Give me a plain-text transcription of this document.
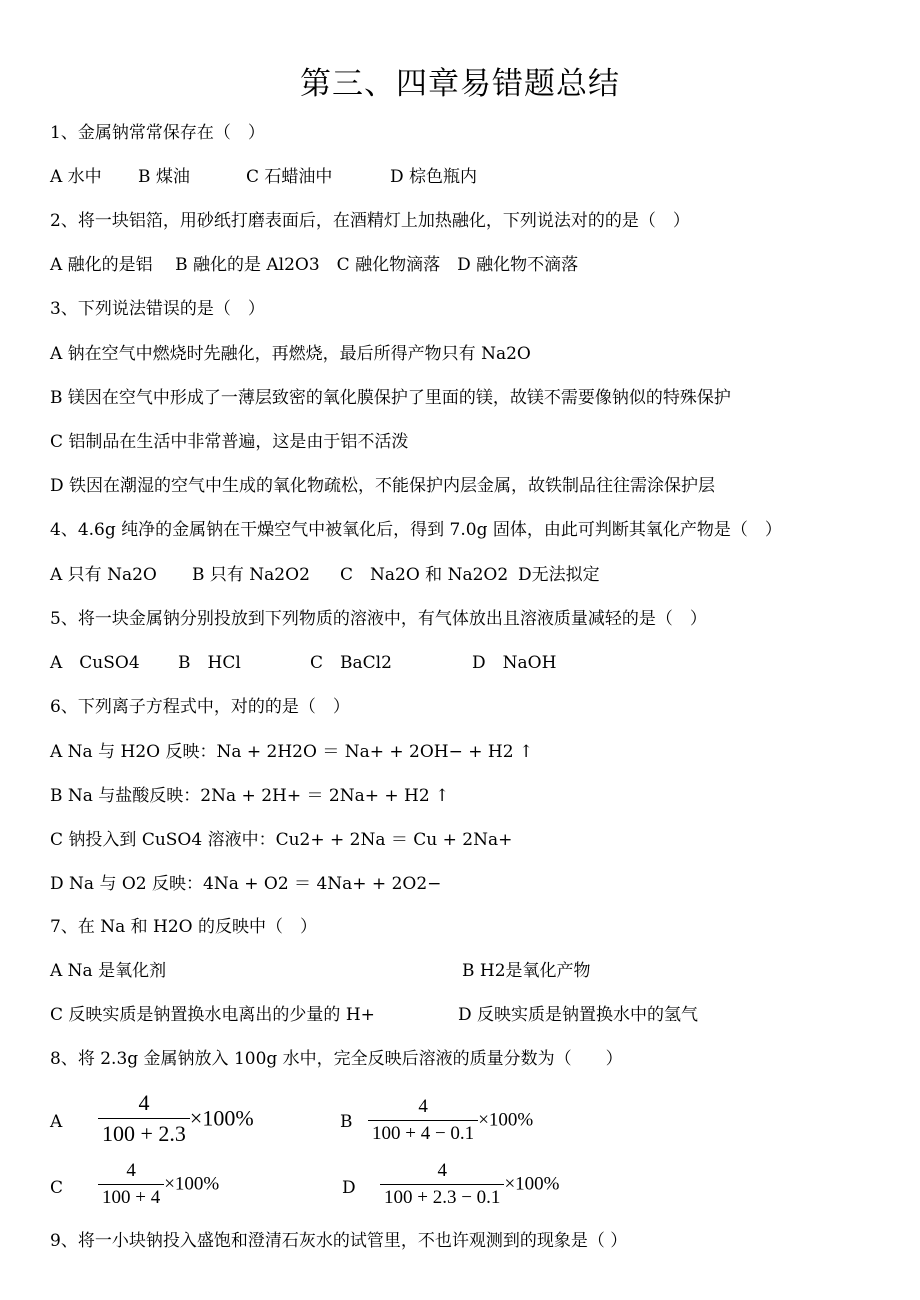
第三、四章易错题总结
1、金属钠常常保存在（　）
A 水中 B 煤油	C 石蜡油中	D 棕色瓶内
2、将一块铝箔，用砂纸打磨表面后，在酒精灯上加热融化，下列说法对的的是（　）
A 融化的是铝　 B 融化的是 Al2O3　C 融化物滴落　D 融化物不滴落
3、下列说法错误的是（　）
A 钠在空气中燃烧时先融化，再燃烧，最后所得产物只有 Na2O
B 镁因在空气中形成了一薄层致密的氧化膜保护了里面的镁，故镁不需要像钠似的特殊保护
C 铝制品在生活中非常普遍，这是由于铝不活泼
D 铁因在潮湿的空气中生成的氧化物疏松，不能保护内层金属，故铁制品往往需涂保护层
4、4.6g 纯净的金属钠在干燥空气中被氧化后，得到 7.0g 固体，由此可判断其氧化产物是（　）
A 只有 Na2O B 只有 Na2O2 C　Na2O 和 Na2O2 D无法拟定
5、将一块金属钠分别投放到下列物质的溶液中，有气体放出且溶液质量减轻的是（　）
A　CuSO4 B　HCl	C　BaCl2	D　NaOH
6、下列离子方程式中，对的的是（　）
A Na 与 H2O 反映：Na + 2H2O ＝ Na+ + 2OH− + H2 ↑
B Na 与盐酸反映：2Na + 2H+ ＝ 2Na+ + H2 ↑
C 钠投入到 CuSO4 溶液中：Cu2+ + 2Na ＝ Cu + 2Na+
D Na 与 O2 反映：4Na + O2 ＝ 4Na+ + 2O2−
7、在 Na 和 H2O 的反映中（　）
A Na 是氧化剂	B H2是氧化产物
C 反映实质是钠置换水电离出的少量的 H+	D 反映实质是钠置换水中的氢气
8、将 2.3g 金属钠放入 100g 水中，完全反映后溶液的质量分数为（　　）
A $\frac{4}{100 + 2.3} \times 100\%$	B $\frac{4}{100 + 4 - 0.1} \times 100\%$
C $\frac{4}{100 + 4} \times 100\%$	D $\frac{4}{100 + 2.3 - 0.1} \times 100\%$
9、将一小块钠投入盛饱和澄清石灰水的试管里，不也许观测到的现象是（ ）
